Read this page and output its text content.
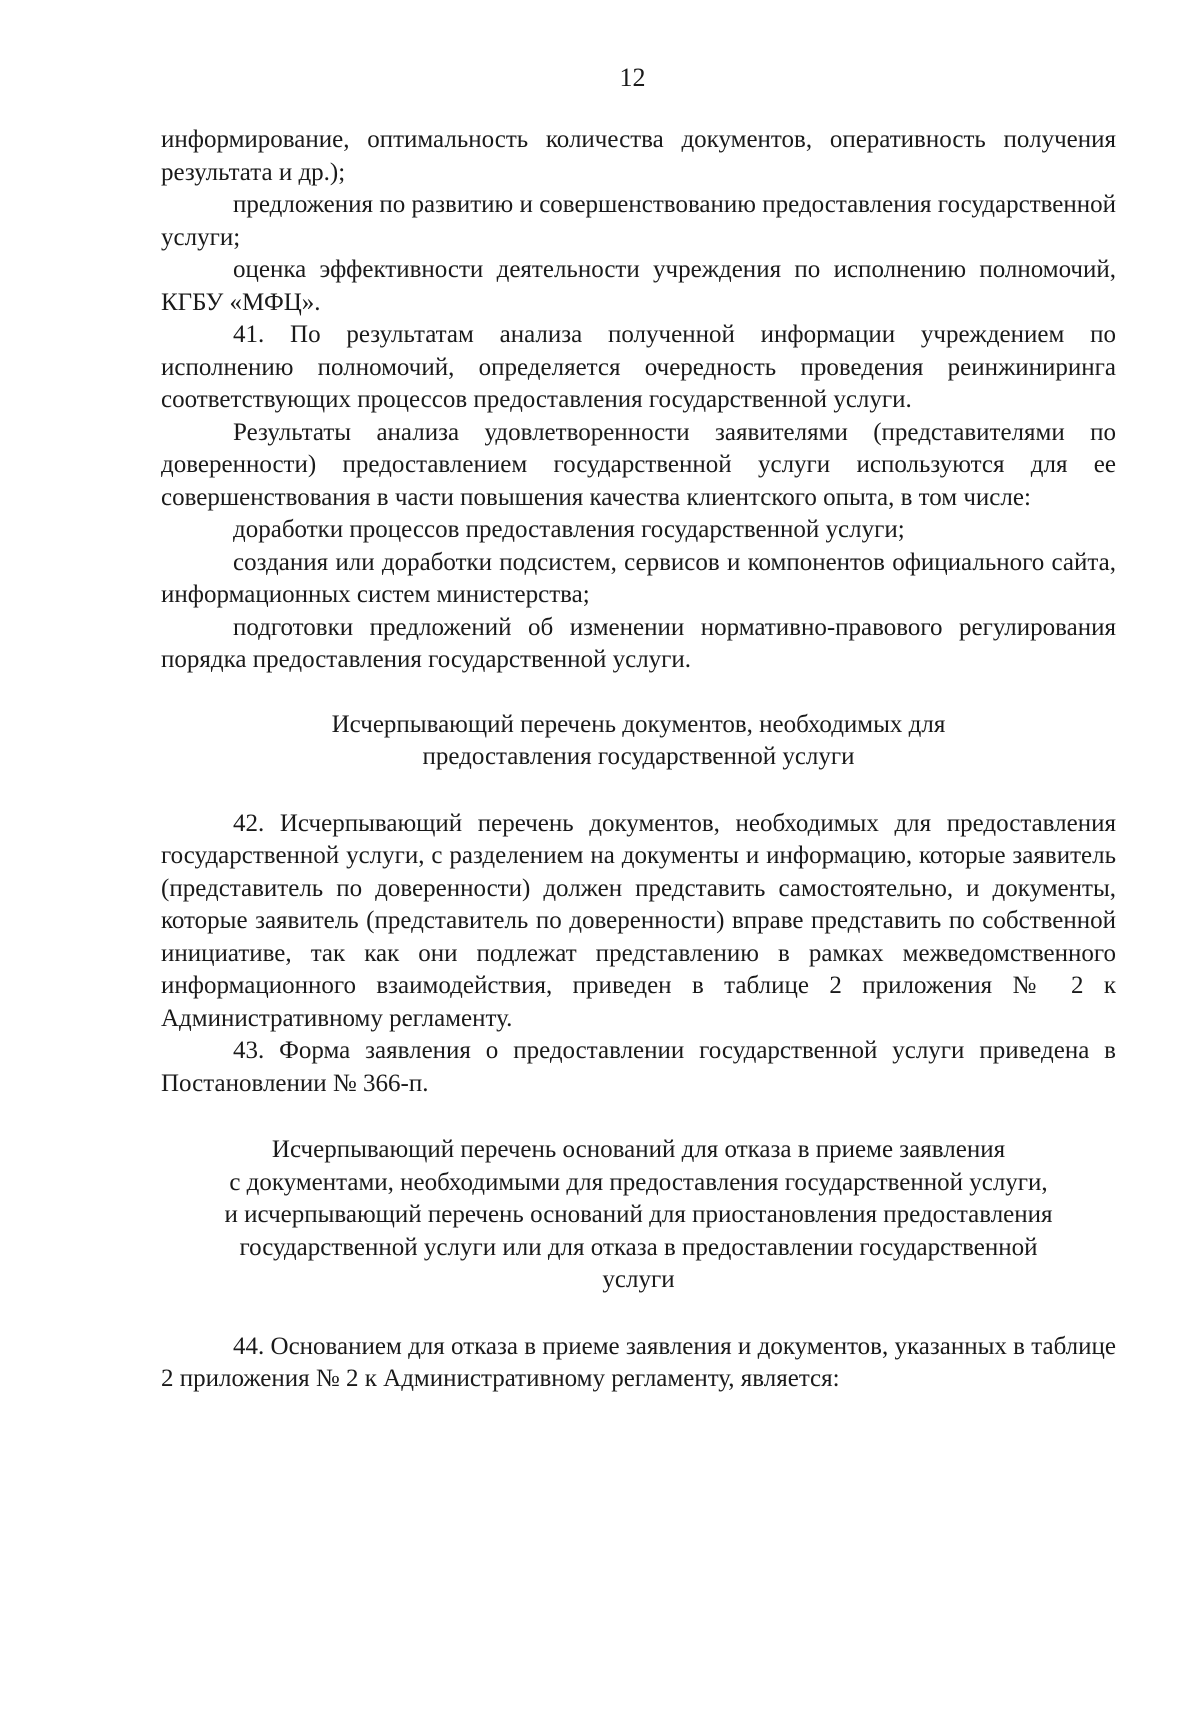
12

информирование, оптимальность количества документов, оперативность получения результата и др.);

предложения по развитию и совершенствованию предоставления государственной услуги;

оценка эффективности деятельности учреждения по исполнению полномочий, КГБУ «МФЦ».

41. По результатам анализа полученной информации учреждением по исполнению полномочий, определяется очередность проведения реинжиниринга соответствующих процессов предоставления государственной услуги.

Результаты анализа удовлетворенности заявителями (представителями по доверенности) предоставлением государственной услуги используются для ее совершенствования в части повышения качества клиентского опыта, в том числе:

доработки процессов предоставления государственной услуги;

создания или доработки подсистем, сервисов и компонентов официального сайта, информационных систем министерства;

подготовки предложений об изменении нормативно-правового регулирования порядка предоставления государственной услуги.

Исчерпывающий перечень документов, необходимых для
предоставления государственной услуги

42. Исчерпывающий перечень документов, необходимых для предоставления государственной услуги, с разделением на документы и информацию, которые заявитель (представитель по доверенности) должен представить самостоятельно, и документы, которые заявитель (представитель по доверенности) вправе представить по собственной инициативе, так как они подлежат представлению в рамках межведомственного информационного взаимодействия, приведен в таблице 2 приложения № 2 к Административному регламенту.

43. Форма заявления о предоставлении государственной услуги приведена в Постановлении № 366-п.

Исчерпывающий перечень оснований для отказа в приеме заявления
с документами, необходимыми для предоставления государственной услуги,
и исчерпывающий перечень оснований для приостановления предоставления
государственной услуги или для отказа в предоставлении государственной
услуги

44. Основанием для отказа в приеме заявления и документов, указанных в таблице 2 приложения № 2 к Административному регламенту, является:
